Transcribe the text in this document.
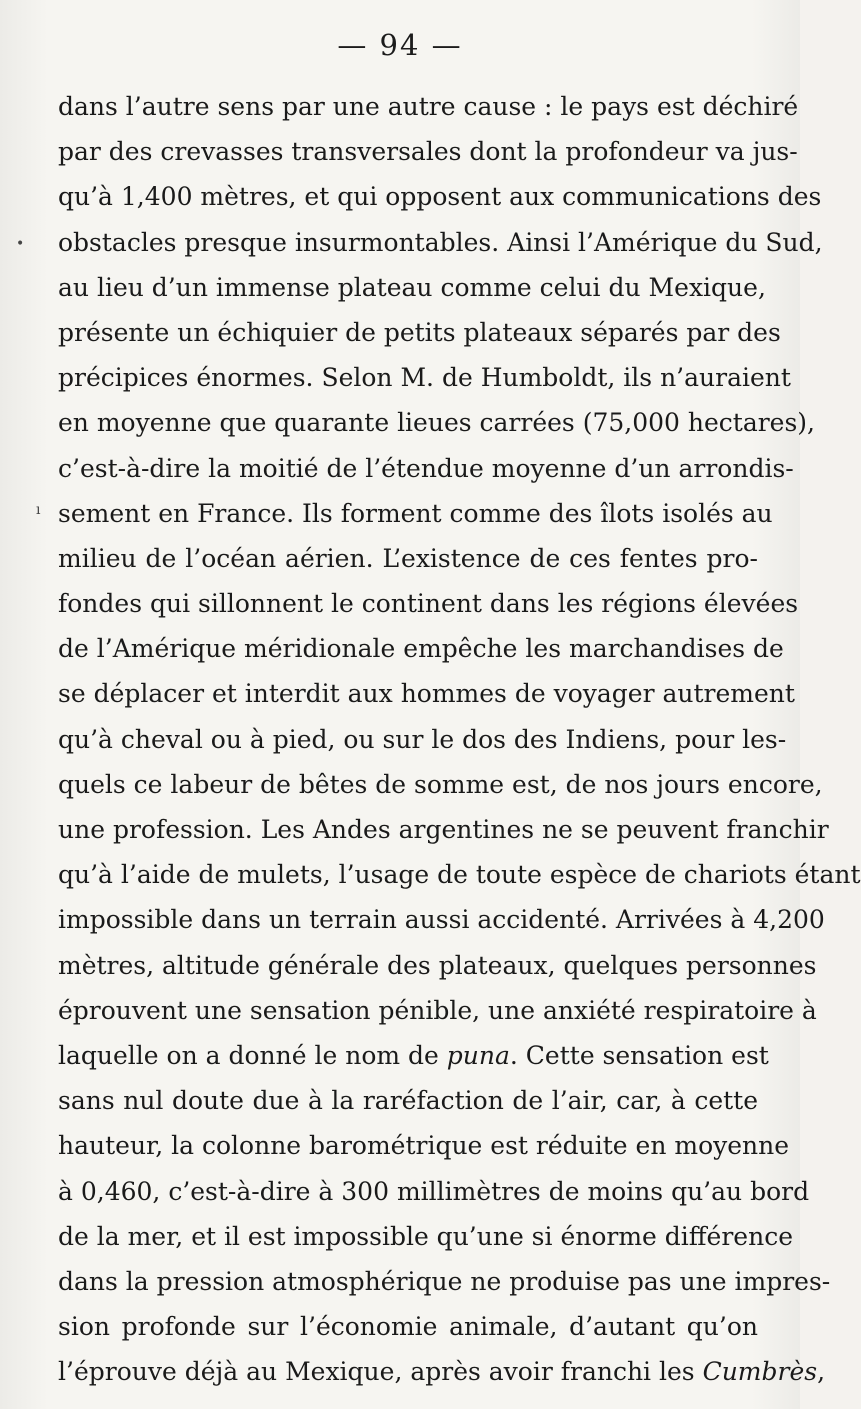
— 94 —
•
ı
dans l’autre sens par une autre cause : le pays est déchiré
par des crevasses transversales dont la profondeur va jus-
qu’à 1,400 mètres, et qui opposent aux communications des
obstacles presque insurmontables. Ainsi l’Amérique du Sud,
au lieu d’un immense plateau comme celui du Mexique,
présente un échiquier de petits plateaux séparés par des
précipices énormes. Selon M. de Humboldt, ils n’auraient
en moyenne que quarante lieues carrées (75,000 hectares),
c’est-à-dire la moitié de l’étendue moyenne d’un arrondis-
sement en France. Ils forment comme des îlots isolés au
milieu de l’océan aérien. L’existence de ces fentes pro-
fondes qui sillonnent le continent dans les régions élevées
de l’Amérique méridionale empêche les marchandises de
se déplacer et interdit aux hommes de voyager autrement
qu’à cheval ou à pied, ou sur le dos des Indiens, pour les-
quels ce labeur de bêtes de somme est, de nos jours encore,
une profession. Les Andes argentines ne se peuvent franchir
qu’à l’aide de mulets, l’usage de toute espèce de chariots étant
impossible dans un terrain aussi accidenté. Arrivées à 4,200
mètres, altitude générale des plateaux, quelques personnes
éprouvent une sensation pénible, une anxiété respiratoire à
laquelle on a donné le nom de puna. Cette sensation est
sans nul doute due à la raréfaction de l’air, car, à cette
hauteur, la colonne barométrique est réduite en moyenne
à 0,460, c’est-à-dire à 300 millimètres de moins qu’au bord
de la mer, et il est impossible qu’une si énorme différence
dans la pression atmosphérique ne produise pas une impres-
sion profonde sur l’économie animale, d’autant qu’on
l’éprouve déjà au Mexique, après avoir franchi les Cumbrès,
